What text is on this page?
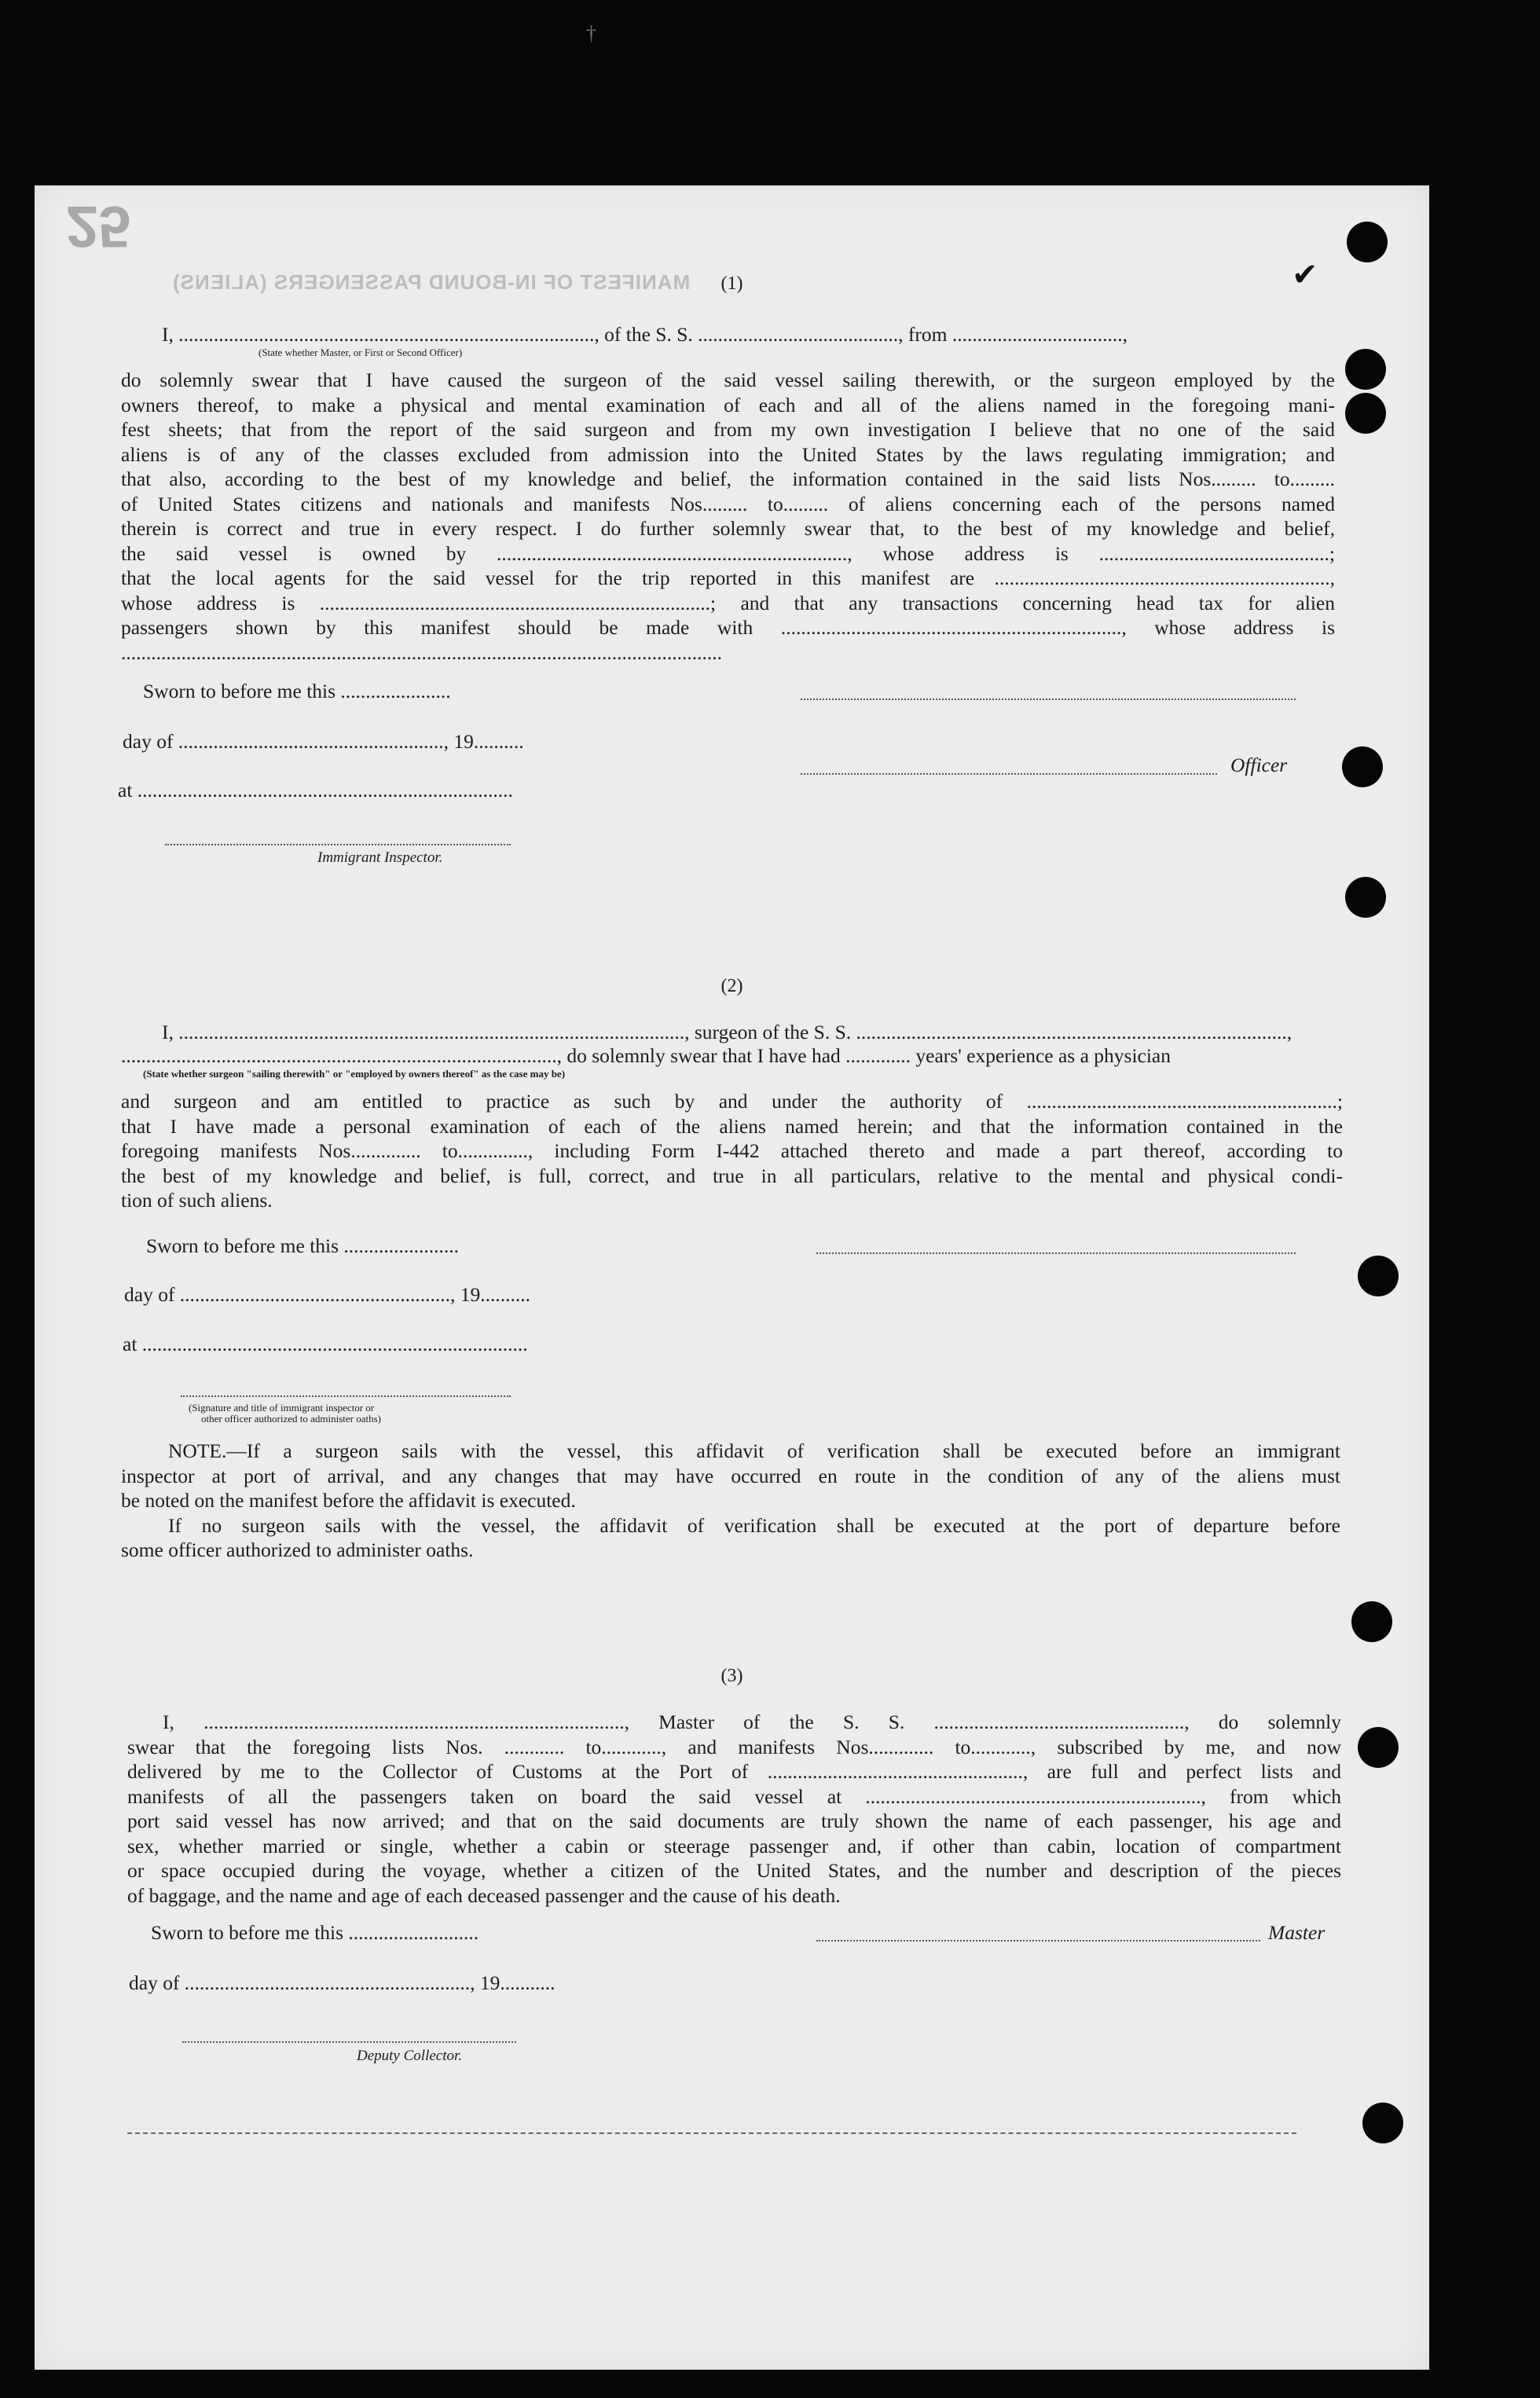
25
MANIFEST OF IN-BOUND PASSENGERS (ALIENS)	✔
(1)
I, ..................................................................................., of the S. S. ........................................, from ..................................,
(State whether Master, or First or Second Officer)
do solemnly swear that I have caused the surgeon of the said vessel sailing therewith, or the surgeon employed by the
owners thereof, to make a physical and mental examination of each and all of the aliens named in the foregoing mani-
fest sheets; that from the report of the said surgeon and from my own investigation I believe that no one of the said
aliens is of any of the classes excluded from admission into the United States by the laws regulating immigration; and
that also, according to the best of my knowledge and belief, the information contained in the said lists Nos......... to.........
of United States citizens and nationals and manifests Nos......... to......... of aliens concerning each of the persons named
therein is correct and true in every respect. I do further solemnly swear that, to the best of my knowledge and belief,
the said vessel is owned by ......................................................................, whose address is ..............................................;
that the local agents for the said vessel for the trip reported in this manifest are ...................................................................,
whose address is ..............................................................................; and that any transactions concerning head tax for alien
passengers shown by this manifest should be made with ...................................................................., whose address is
........................................................................................................................
Sworn to before me this ......................
day of ....................................................., 19..........
Officer
at ...........................................................................
Immigrant Inspector.
(2)
I, ....................................................................................................., surgeon of the S. S. ......................................................................................,
......................................................................................., do solemnly swear that I have had ............. years' experience as a physician
(State whether surgeon "sailing therewith" or "employed by owners thereof" as the case may be)
and surgeon and am entitled to practice as such by and under the authority of ..............................................................;
that I have made a personal examination of each of the aliens named herein; and that the information contained in the
foregoing manifests Nos.............. to.............., including Form I-442 attached thereto and made a part thereof, according to
the best of my knowledge and belief, is full, correct, and true in all particulars, relative to the mental and physical condi-
tion of such aliens.
Sworn to before me this .......................
day of ......................................................, 19..........
at .............................................................................
(Signature and title of immigrant inspector or
other officer authorized to administer oaths)
NOTE.—If a surgeon sails with the vessel, this affidavit of verification shall be executed before an immigrant
inspector at port of arrival, and any changes that may have occurred en route in the condition of any of the aliens must
be noted on the manifest before the affidavit is executed.
If no surgeon sails with the vessel, the affidavit of verification shall be executed at the port of departure before
some officer authorized to administer oaths.
(3)
I, ...................................................................................., Master of the S. S. .................................................., do solemnly
swear that the foregoing lists Nos. ............ to............, and manifests Nos............. to............, subscribed by me, and now
delivered by me to the Collector of Customs at the Port of ..................................................., are full and perfect lists and
manifests of all the passengers taken on board the said vessel at ..................................................................., from which
port said vessel has now arrived; and that on the said documents are truly shown the name of each passenger, his age and
sex, whether married or single, whether a cabin or steerage passenger and, if other than cabin, location of compartment
or space occupied during the voyage, whether a citizen of the United States, and the number and description of the pieces
of baggage, and the name and age of each deceased passenger and the cause of his death.
Sworn to before me this ..........................	Master
day of ........................................................., 19...........
Deputy Collector.
†
